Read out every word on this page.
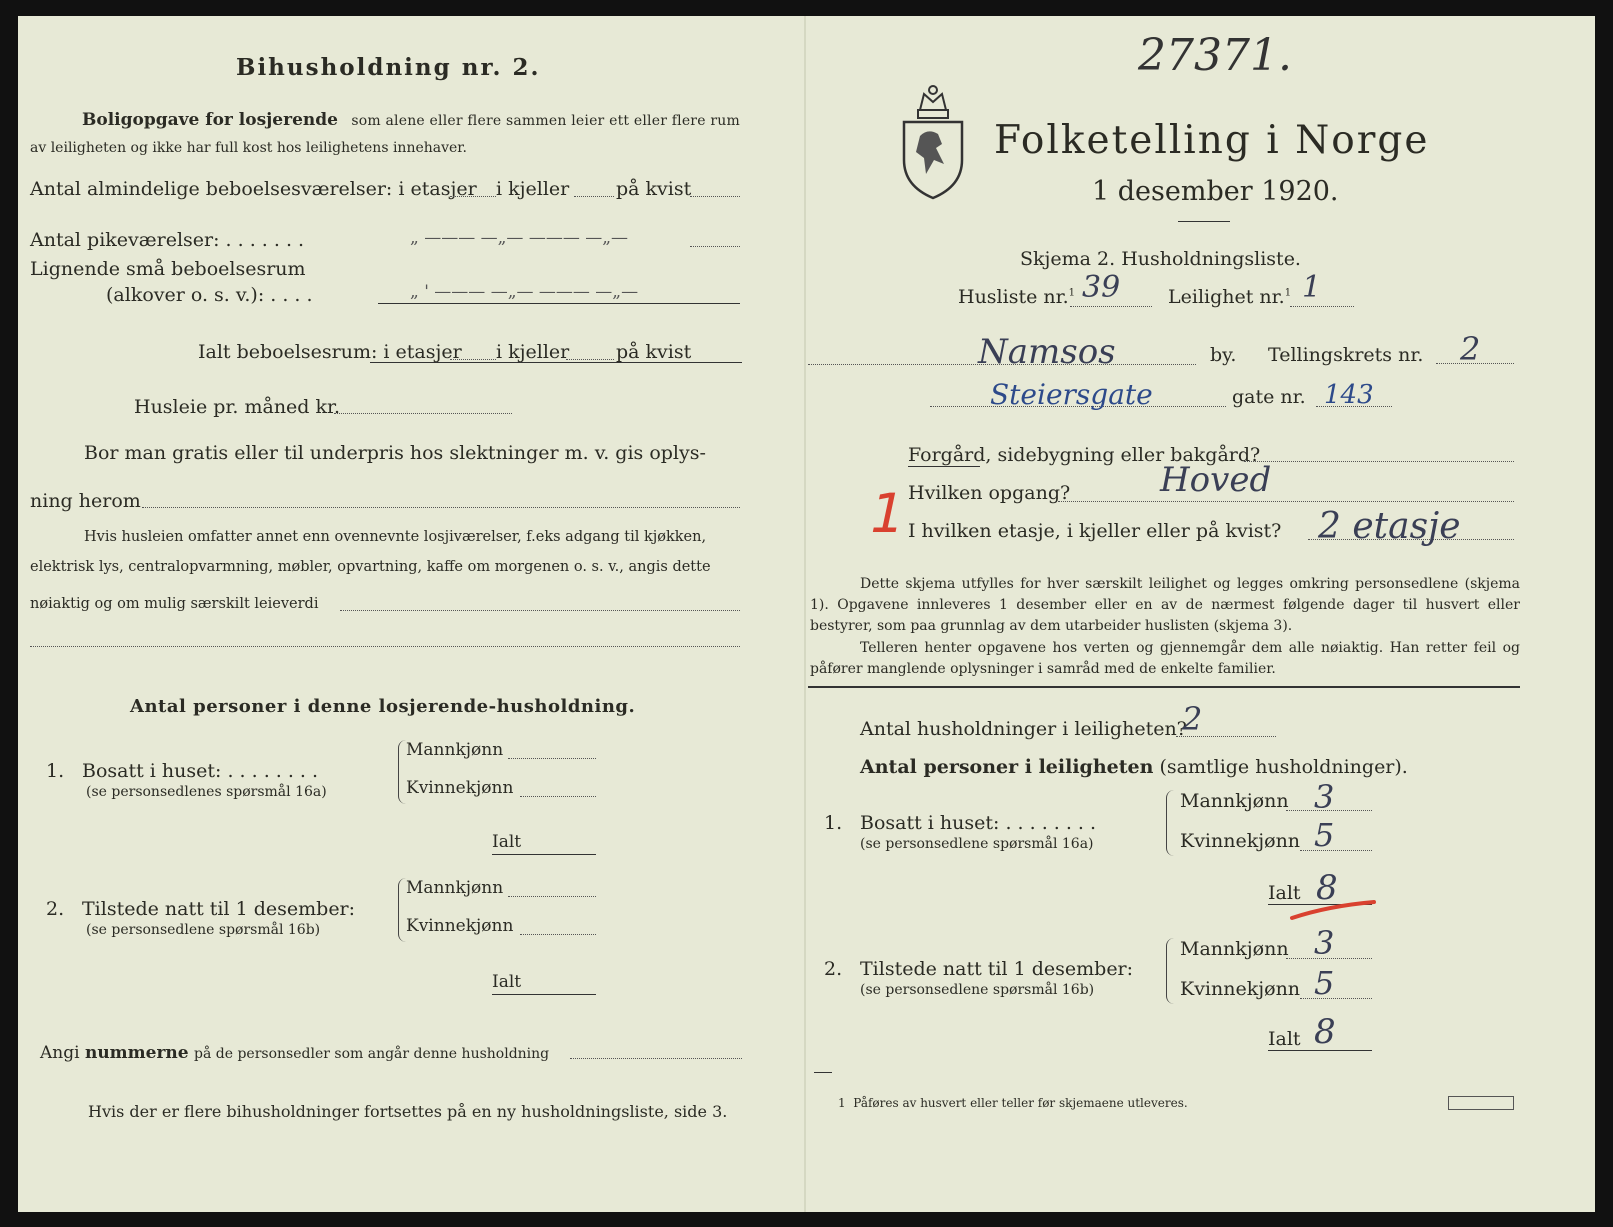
Bihusholdning nr. 2.
Boligopgave for losjerende som alene eller flere sammen leier ett eller flere rum
av leiligheten og ikke har full kost hos leilighetens innehaver.
Antal almindelige beboelsesværelser: i etasjer i kjeller på kvist
Antal pikeværelser: . . . . . . .	„ ——— —„— ——— —„—
Lignende små beboelsesrum
(alkover o. s. v.): . . . .	„ ' ——— —„— ——— —„—
Ialt beboelsesrum: i etasjer i kjeller på kvist
Husleie pr. måned kr.
Bor man gratis eller til underpris hos slektninger m. v. gis oplys-
ning herom
Hvis husleien omfatter annet enn ovennevnte losjiværelser, f.eks adgang til kjøkken,
elektrisk lys, centralopvarmning, møbler, opvartning, kaffe om morgenen o. s. v., angis dette
nøiaktig og om mulig særskilt leieverdi
Antal personer i denne losjerende-husholdning.
1. Bosatt i huset: . . . . . . . .
(se personsedlenes spørsmål 16a)
Mannkjønn
Kvinnekjønn
Ialt
2. Tilstede natt til 1 desember:
(se personsedlene spørsmål 16b)
Mannkjønn
Kvinnekjønn
Ialt
Angi nummerne på de personsedler som angår denne husholdning
Hvis der er flere bihusholdninger fortsettes på en ny husholdningsliste, side 3.
27371.
Folketelling i Norge
1 desember 1920.
Skjema 2. Husholdningsliste.
Husliste nr.$^1$ 39	Leilighet nr.$^1$ 1
Namsos	by. Tellingskrets nr. 2
Steiersgate	gate nr. 143
Forgård, sidebygning eller bakgård?
1
Hvilken opgang?	Hoved
I hvilken etasje, i kjeller eller på kvist? 2 etasje
Dette skjema utfylles for hver særskilt leilighet og legges omkring personsedlene (skjema 1). Opgavene innleveres 1 desember eller en av de nærmest følgende dager til husvert eller bestyrer, som paa grunnlag av dem utarbeider huslisten (skjema 3).
Telleren henter opgavene hos verten og gjennemgår dem alle nøiaktig. Han retter feil og påfører manglende oplysninger i samråd med de enkelte familier.
Antal husholdninger i leiligheten?
2
Antal personer i leiligheten (samtlige husholdninger).
1. Bosatt i huset: . . . . . . . .
(se personsedlene spørsmål 16a)
Mannkjønn 3
Kvinnekjønn 5
Ialt 8
2. Tilstede natt til 1 desember:
(se personsedlene spørsmål 16b)
Mannkjønn 3
Kvinnekjønn 5
Ialt 8
1 Påføres av husvert eller teller før skjemaene utleveres.
